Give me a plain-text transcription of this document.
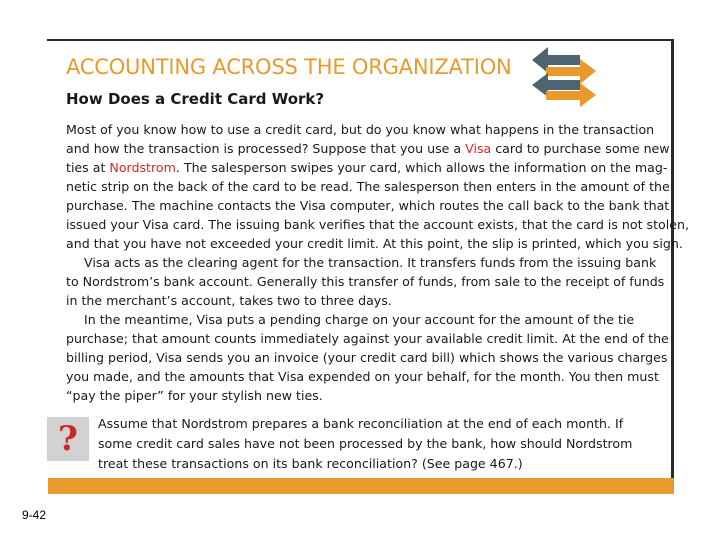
ACCOUNTING ACROSS THE ORGANIZATION
How Does a Credit Card Work?
Most of you know how to use a credit card, but do you know what happens in the transaction
and how the transaction is processed? Suppose that you use a Visa card to purchase some new
ties at Nordstrom. The salesperson swipes your card, which allows the information on the mag-
netic strip on the back of the card to be read. The salesperson then enters in the amount of the
purchase. The machine contacts the Visa computer, which routes the call back to the bank that
issued your Visa card. The issuing bank verifies that the account exists, that the card is not stolen,
and that you have not exceeded your credit limit. At this point, the slip is printed, which you sign.
Visa acts as the clearing agent for the transaction. It transfers funds from the issuing bank
to Nordstrom’s bank account. Generally this transfer of funds, from sale to the receipt of funds
in the merchant’s account, takes two to three days.
In the meantime, Visa puts a pending charge on your account for the amount of the tie
purchase; that amount counts immediately against your available credit limit. At the end of the
billing period, Visa sends you an invoice (your credit card bill) which shows the various charges
you made, and the amounts that Visa expended on your behalf, for the month. You then must
“pay the piper” for your stylish new ties.
? Assume that Nordstrom prepares a bank reconciliation at the end of each month. If
some credit card sales have not been processed by the bank, how should Nordstrom
treat these transactions on its bank reconciliation? (See page 467.)
9-42
